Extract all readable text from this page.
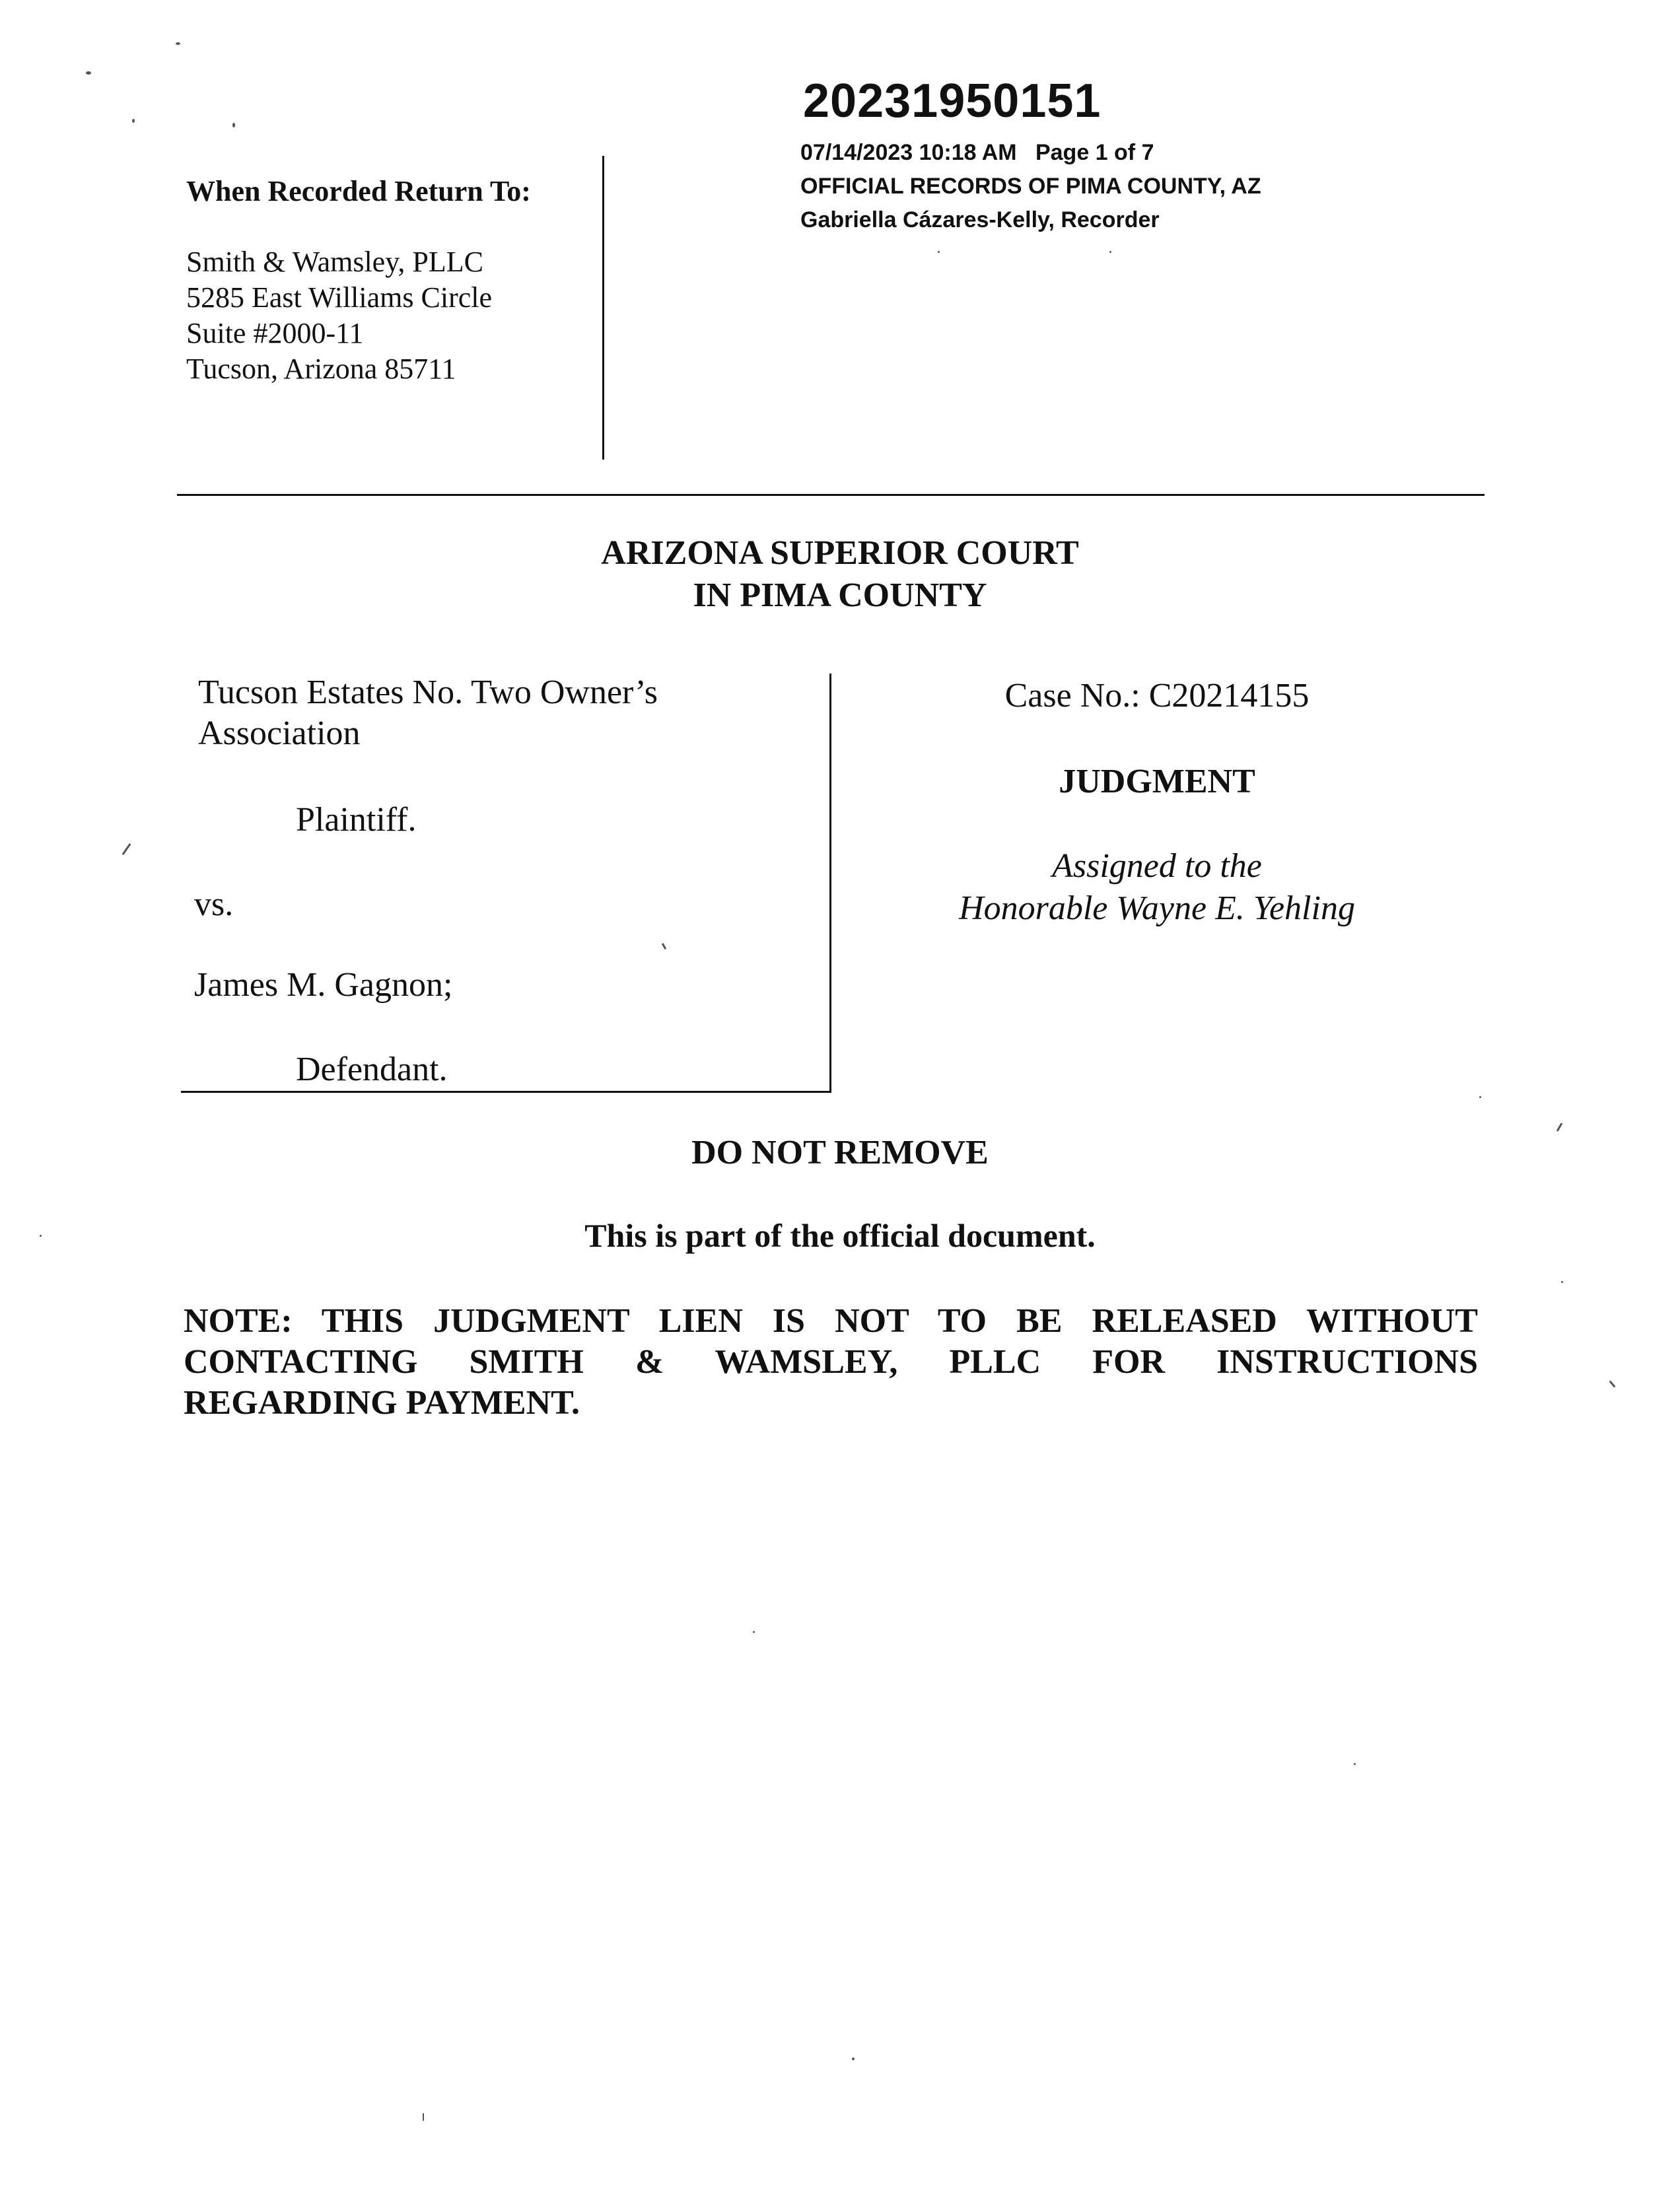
When Recorded Return To:
Smith & Wamsley, PLLC
5285 East Williams Circle
Suite #2000-11
Tucson, Arizona 85711
20231950151
07/14/2023 10:18 AM   Page 1 of 7
OFFICIAL RECORDS OF PIMA COUNTY, AZ
Gabriella Cázares-Kelly, Recorder
ARIZONA SUPERIOR COURT
IN PIMA COUNTY
Tucson Estates No. Two Owner’s Association
Plaintiff.
vs.
James M. Gagnon;
Defendant.
Case No.: C20214155
JUDGMENT
Assigned to the
Honorable Wayne E. Yehling
DO NOT REMOVE
This is part of the official document.
NOTE: THIS JUDGMENT LIEN IS NOT TO BE RELEASED WITHOUT
CONTACTING SMITH & WAMSLEY, PLLC FOR INSTRUCTIONS
REGARDING PAYMENT.
